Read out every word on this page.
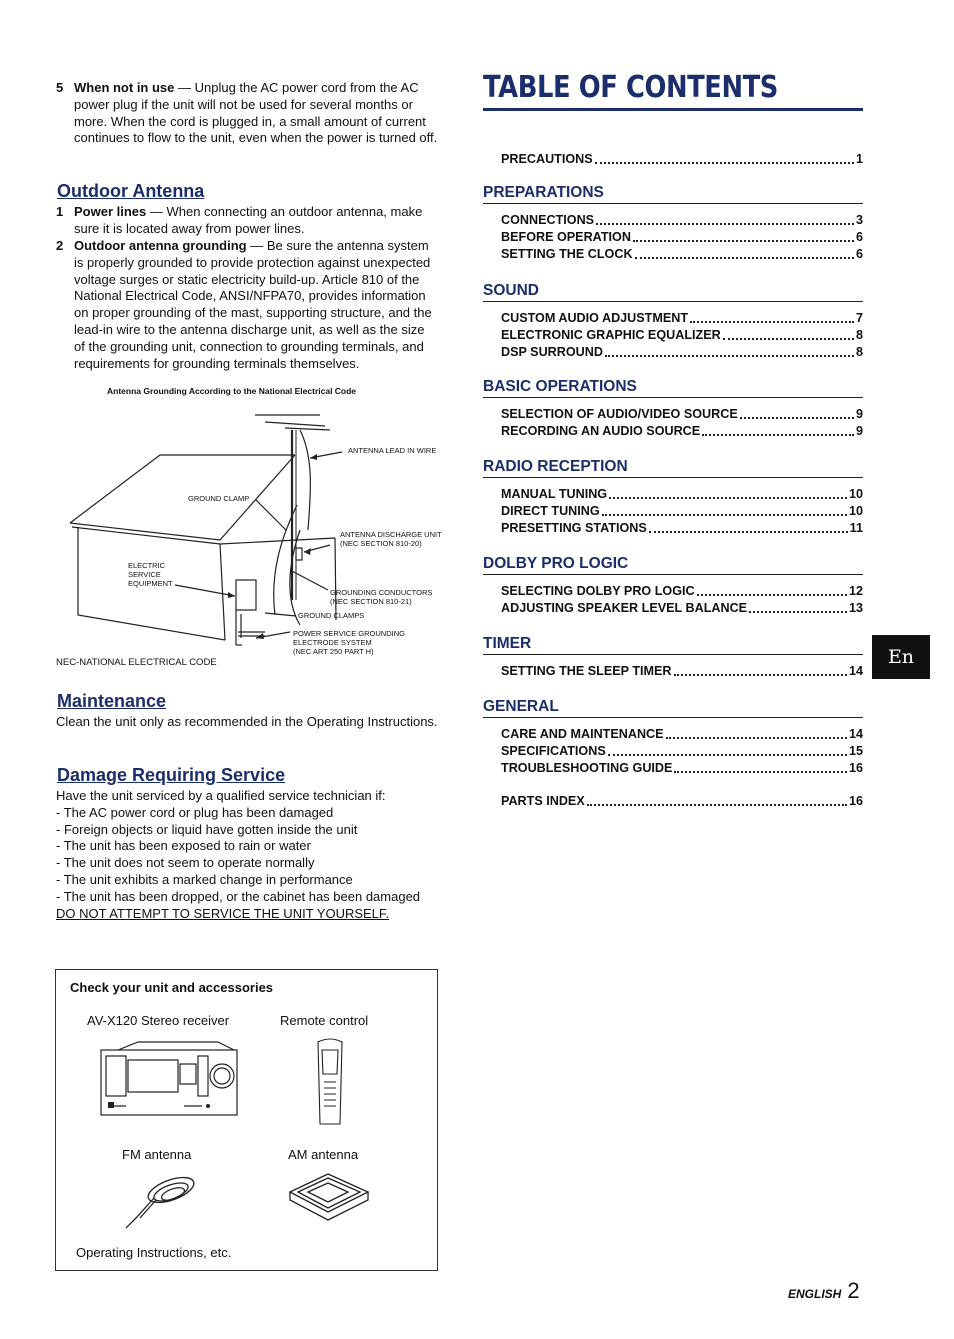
5 When not in use — Unplug the AC power cord from the AC power plug if the unit will not be used for several months or more. When the cord is plugged in, a small amount of current continues to flow to the unit, even when the power is turned off.
Outdoor Antenna
1 Power lines — When connecting an outdoor antenna, make sure it is located away from power lines.
2 Outdoor antenna grounding — Be sure the antenna system is properly grounded to provide protection against unexpected voltage surges or static electricity build-up. Article 810 of the National Electrical Code, ANSI/NFPA70, provides information on proper grounding of the mast, supporting structure, and the lead-in wire to the antenna discharge unit, as well as the size of the grounding unit, connection to grounding terminals, and requirements for grounding terminals themselves.
Antenna Grounding According to the National Electrical Code
ANTENNA LEAD IN WIRE
GROUND CLAMP
ANTENNA DISCHARGE UNIT
(NEC SECTION 810-20)
ELECTRIC
SERVICE
EQUIPMENT
GROUNDING CONDUCTORS
(NEC SECTION 810-21)
GROUND CLAMPS
POWER SERVICE GROUNDING
ELECTRODE SYSTEM
(NEC ART 250 PART H)
NEC-NATIONAL ELECTRICAL CODE
Maintenance
Clean the unit only as recommended in the Operating Instructions.
Damage Requiring Service
Have the unit serviced by a qualified service technician if:
- The AC power cord or plug has been damaged
- Foreign objects or liquid have gotten inside the unit
- The unit has been exposed to rain or water
- The unit does not seem to operate normally
- The unit exhibits a marked change in performance
- The unit has been dropped, or the cabinet has been damaged
DO NOT ATTEMPT TO SERVICE THE UNIT YOURSELF.
Check your unit and accessories
AV-X120 Stereo receiver	Remote control
FM antenna	AM antenna
Operating Instructions, etc.
TABLE OF CONTENTS
PRECAUTIONS	1
PREPARATIONS
CONNECTIONS	3
BEFORE OPERATION	6
SETTING THE CLOCK	6
SOUND
CUSTOM AUDIO ADJUSTMENT	7
ELECTRONIC GRAPHIC EQUALIZER	8
DSP SURROUND	8
BASIC OPERATIONS
SELECTION OF AUDIO/VIDEO SOURCE	9
RECORDING AN AUDIO SOURCE	9
RADIO RECEPTION
MANUAL TUNING	10
DIRECT TUNING	10
PRESETTING STATIONS	11
DOLBY PRO LOGIC
SELECTING DOLBY PRO LOGIC	12
ADJUSTING SPEAKER LEVEL BALANCE	13
TIMER
SETTING THE SLEEP TIMER	14
GENERAL
CARE AND MAINTENANCE	14
SPECIFICATIONS	15
TROUBLESHOOTING GUIDE	16
PARTS INDEX	16
En
ENGLISH 2
